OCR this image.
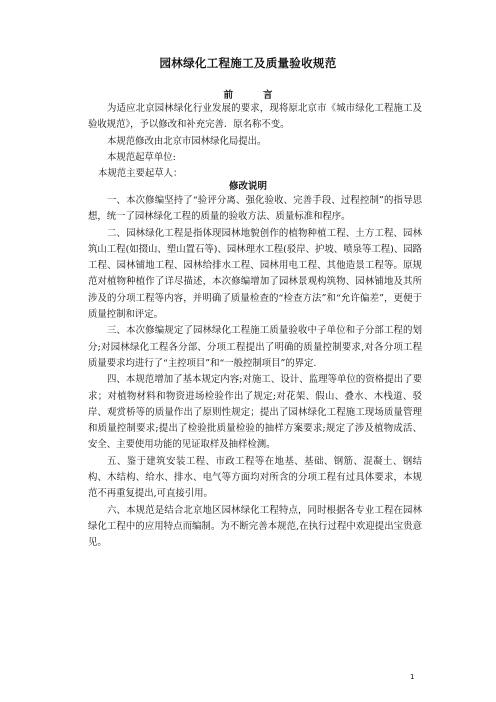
园林绿化工程施工及质量验收规范
前言

为适应北京园林绿化行业发展的要求，现将原北京市《城市绿化工程施工及验收规范》，予以修改和补充完善．原名称不变。

本规范修改由北京市园林绿化局提出。

本规范起草单位:

本规范主要起草人：

修改说明

一、本次修编坚持了“验评分离、强化验收、完善手段、过程控制”的指导思想，统一了园林绿化工程的质量的验收方法、质量标准和程序。

二、园林绿化工程是指体现园林地貌创作的植物种植工程、土方工程、园林筑山工程(如掇山、塑山置石等)、园林理水工程(驳岸、护坡、喷泉等工程)、园路工程、园林铺地工程、园林给排水工程、园林用电工程、其他造景工程等。原规范对植物种植作了详尽描述，本次修编增加了园林景观构筑物、园林铺地及其所涉及的分项工程等内容，并明确了质量检查的“检查方法”和“允许偏差”，更便于质量控制和评定。

三、本次修编规定了园林绿化工程施工质量验收中子单位和子分部工程的划分;对园林绿化工程各分部、分项工程提出了明确的质量控制要求,对各分项工程质量要求均进行了“主控项目”和“一般控制项目”的界定.

四、本规范增加了基本规定内容;对施工、设计、监理等单位的资格提出了要求；对植物材料和物资进场检验作出了规定;对花架、假山、叠水、木栈道、驳岸、观赏桥等的质量作出了原则性规定；提出了园林绿化工程施工现场质量管理和质量控制要求;提出了检验批质量检验的抽样方案要求;规定了涉及植物成活、安全、主要使用功能的见证取样及抽样检测。

五、鉴于建筑安装工程、市政工程等在地基、基础、钢筋、混凝土、钢结构、木结构、给水、排水、电气等方面均对所含的分项工程有过具体要求，本规范不再重复提出,可直接引用。

六、本规范是结合北京地区园林绿化工程特点，同时根据各专业工程在园林绿化工程中的应用特点而编制。为不断完善本规范,在执行过程中欢迎提出宝贵意见。

1
